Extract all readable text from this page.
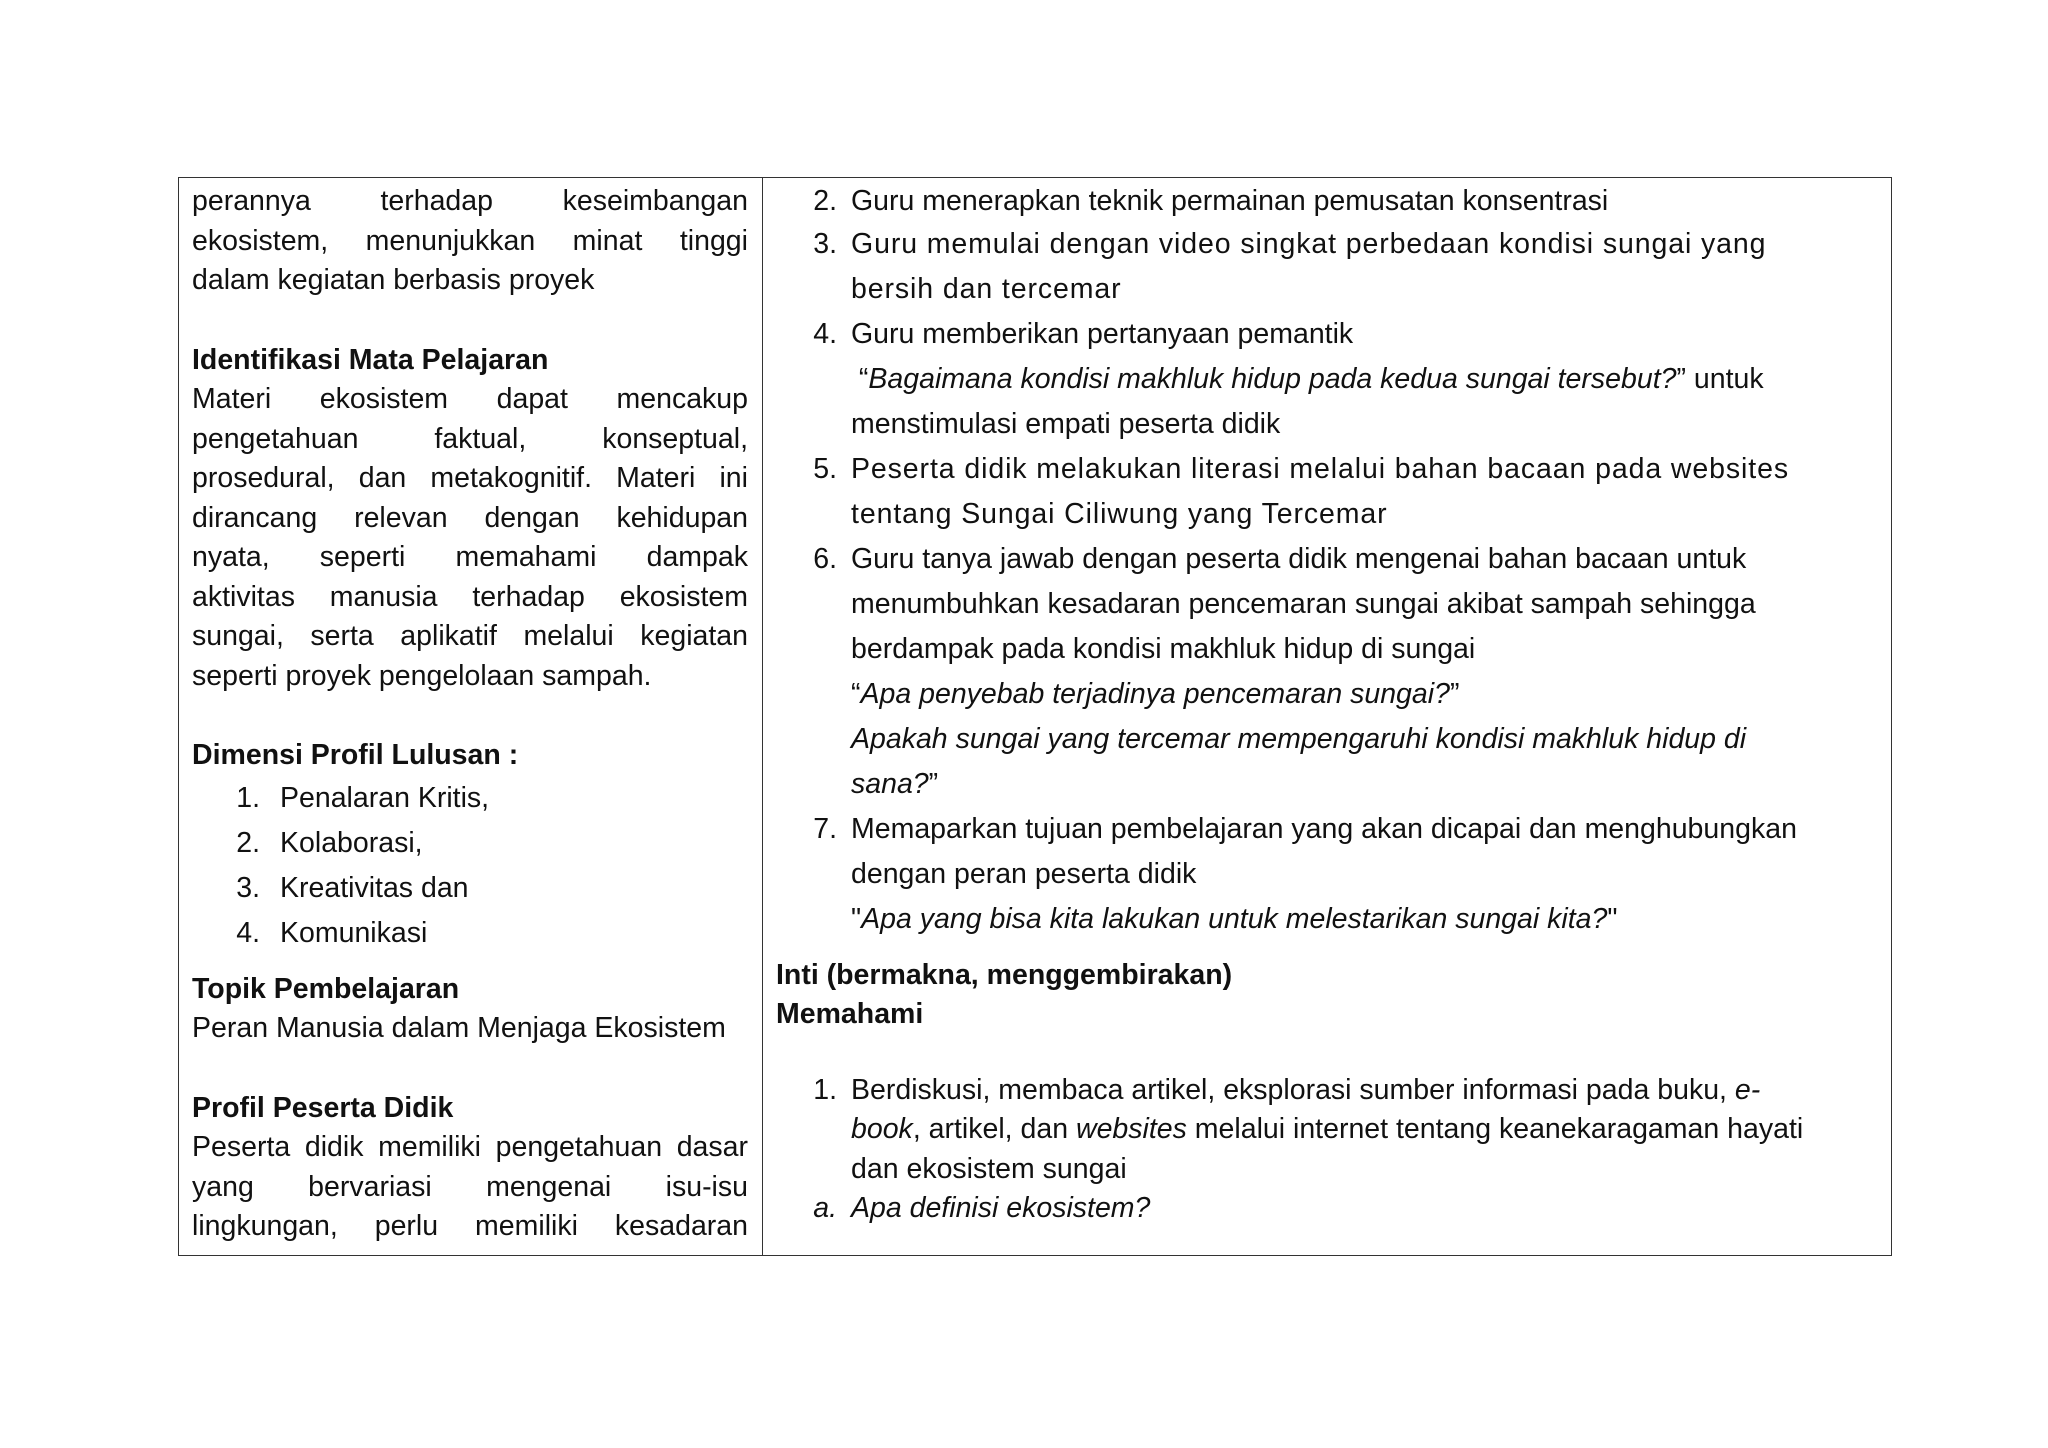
perannya terhadap keseimbangan
ekosistem, menunjukkan minat tinggi
dalam kegiatan berbasis proyek
Identifikasi Mata Pelajaran
Materi ekosistem dapat mencakup
pengetahuan faktual, konseptual,
prosedural, dan metakognitif. Materi ini
dirancang relevan dengan kehidupan
nyata, seperti memahami dampak
aktivitas manusia terhadap ekosistem
sungai, serta aplikatif melalui kegiatan
seperti proyek pengelolaan sampah.
Dimensi Profil Lulusan :
1. Penalaran Kritis,
2. Kolaborasi,
3. Kreativitas dan
4. Komunikasi
Topik Pembelajaran
Peran Manusia dalam Menjaga Ekosistem
Profil Peserta Didik
Peserta didik memiliki pengetahuan dasar
yang bervariasi mengenai isu-isu
lingkungan, perlu memiliki kesadaran

2. Guru menerapkan teknik permainan pemusatan konsentrasi
3. Guru memulai dengan video singkat perbedaan kondisi sungai yang
bersih dan tercemar
4. Guru memberikan pertanyaan pemantik
“Bagaimana kondisi makhluk hidup pada kedua sungai tersebut?” untuk
menstimulasi empati peserta didik
5. Peserta didik melakukan literasi melalui bahan bacaan pada websites
tentang Sungai Ciliwung yang Tercemar
6. Guru tanya jawab dengan peserta didik mengenai bahan bacaan untuk
menumbuhkan kesadaran pencemaran sungai akibat sampah sehingga
berdampak pada kondisi makhluk hidup di sungai
“Apa penyebab terjadinya pencemaran sungai?”
Apakah sungai yang tercemar mempengaruhi kondisi makhluk hidup di
sana?”
7. Memaparkan tujuan pembelajaran yang akan dicapai dan menghubungkan
dengan peran peserta didik
"Apa yang bisa kita lakukan untuk melestarikan sungai kita?"
Inti (bermakna, menggembirakan)
Memahami
1. Berdiskusi, membaca artikel, eksplorasi sumber informasi pada buku, e-
book, artikel, dan websites melalui internet tentang keanekaragaman hayati
dan ekosistem sungai
a. Apa definisi ekosistem?
